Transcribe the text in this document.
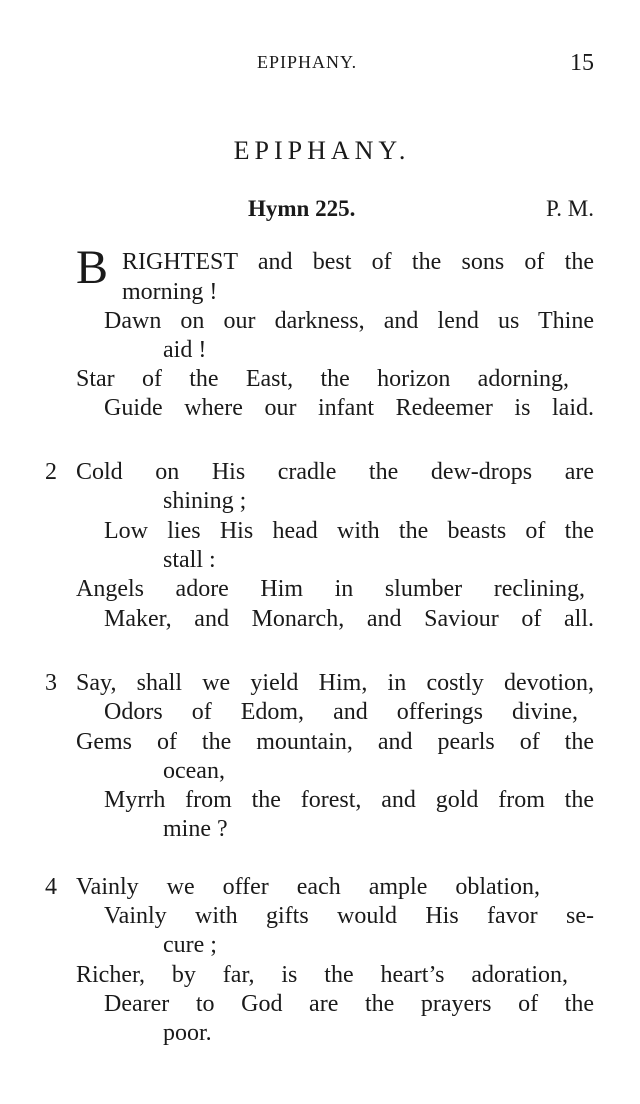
EPIPHANY.	15
EPIPHANY.
Hymn 225.	P. M.
B RIGHTEST and best of the sons of the
morning !
Dawn on our darkness, and lend us Thine
aid !
Star of the East, the horizon adorning,
Guide where our infant Redeemer is laid.
2 Cold on His cradle the dew-drops are
shining ;
Low lies His head with the beasts of the
stall :
Angels adore Him in slumber reclining,
Maker, and Monarch, and Saviour of all.
3 Say, shall we yield Him, in costly devotion,
Odors of Edom, and offerings divine,
Gems of the mountain, and pearls of the
ocean,
Myrrh from the forest, and gold from the
mine ?
4 Vainly we offer each ample oblation,
Vainly with gifts would His favor se-
cure ;
Richer, by far, is the heart’s adoration,
Dearer to God are the prayers of the
poor.
